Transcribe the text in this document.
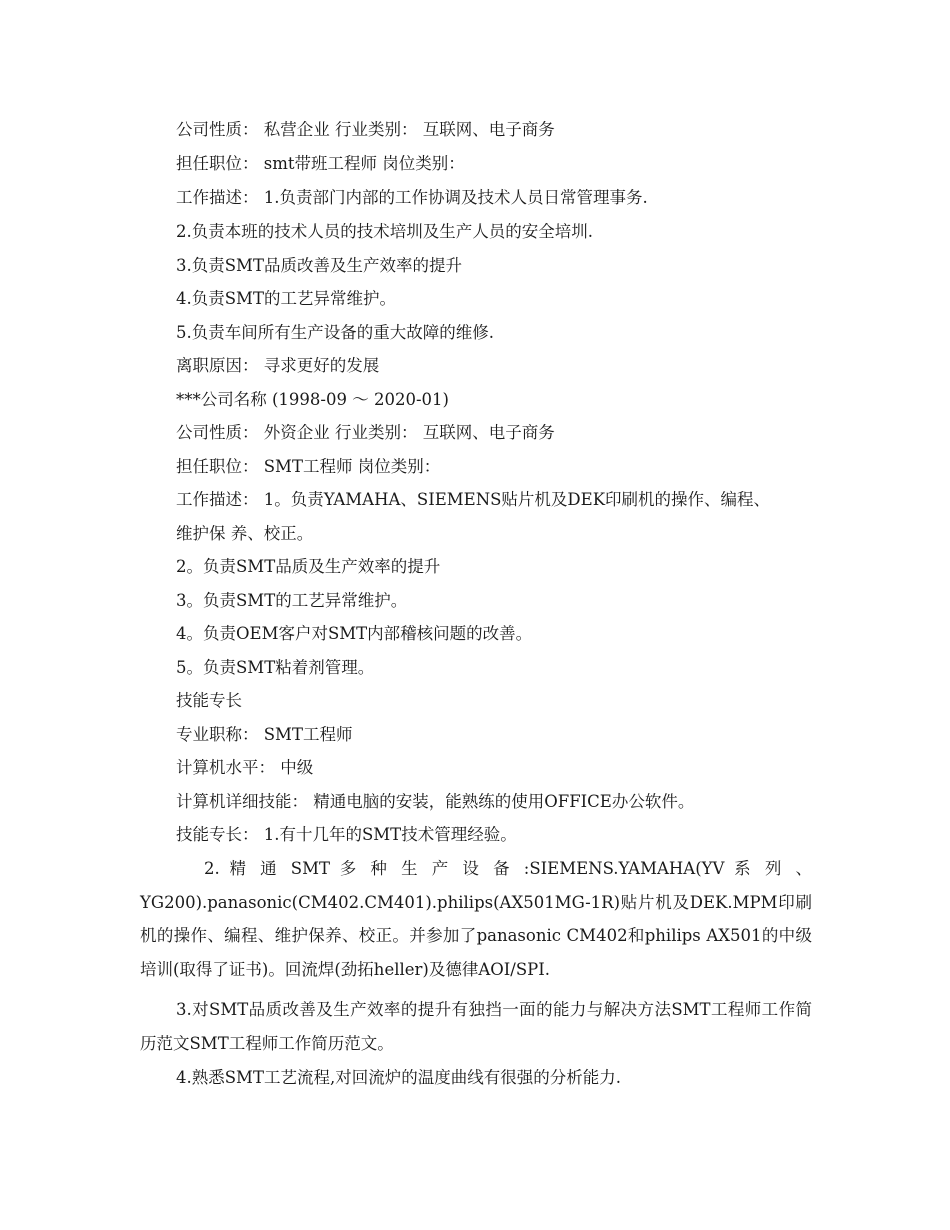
公司性质： 私营企业 行业类别： 互联网、电子商务
担任职位： smt带班工程师 岗位类别：
工作描述： 1.负责部门内部的工作协调及技术人员日常管理事务.
2.负责本班的技术人员的技术培圳及生产人员的安全培圳.
3.负责SMT品质改善及生产效率的提升
4.负责SMT的工艺异常维护。
5.负责车间所有生产设备的重大故障的维修.
离职原因： 寻求更好的发展
***公司名称 (1998-09 ～ 2020-01)
公司性质： 外资企业 行业类别： 互联网、电子商务
担任职位： SMT工程师 岗位类别：
工作描述： 1。负责YAMAHA、SIEMENS贴片机及DEK印刷机的操作、编程、
维护保 养、校正。
2。负责SMT品质及生产效率的提升
3。负责SMT的工艺异常维护。
4。负责OEM客户对SMT内部稽核问题的改善。
5。负责SMT粘着剂管理。
技能专长
专业职称： SMT工程师
计算机水平： 中级
计算机详细技能： 精通电脑的安装，能熟练的使用OFFICE办公软件。
技能专长： 1.有十几年的SMT技术管理经验。
2. 精 通 SMT 多 种 生 产 设 备 :SIEMENS.YAMAHA(YV 系 列 、YG200).panasonic(CM402.CM401).philips(AX501MG-1R)贴片机及DEK.MPM印刷机的操作、编程、维护保养、校正。并参加了panasonic CM402和philips AX501的中级培训(取得了证书)。回流焊(劲拓heller)及德律AOI/SPI.
3.对SMT品质改善及生产效率的提升有独挡一面的能力与解决方法SMT工程师工作简历范文SMT工程师工作简历范文。
4.熟悉SMT工艺流程,对回流炉的温度曲线有很强的分析能力.
